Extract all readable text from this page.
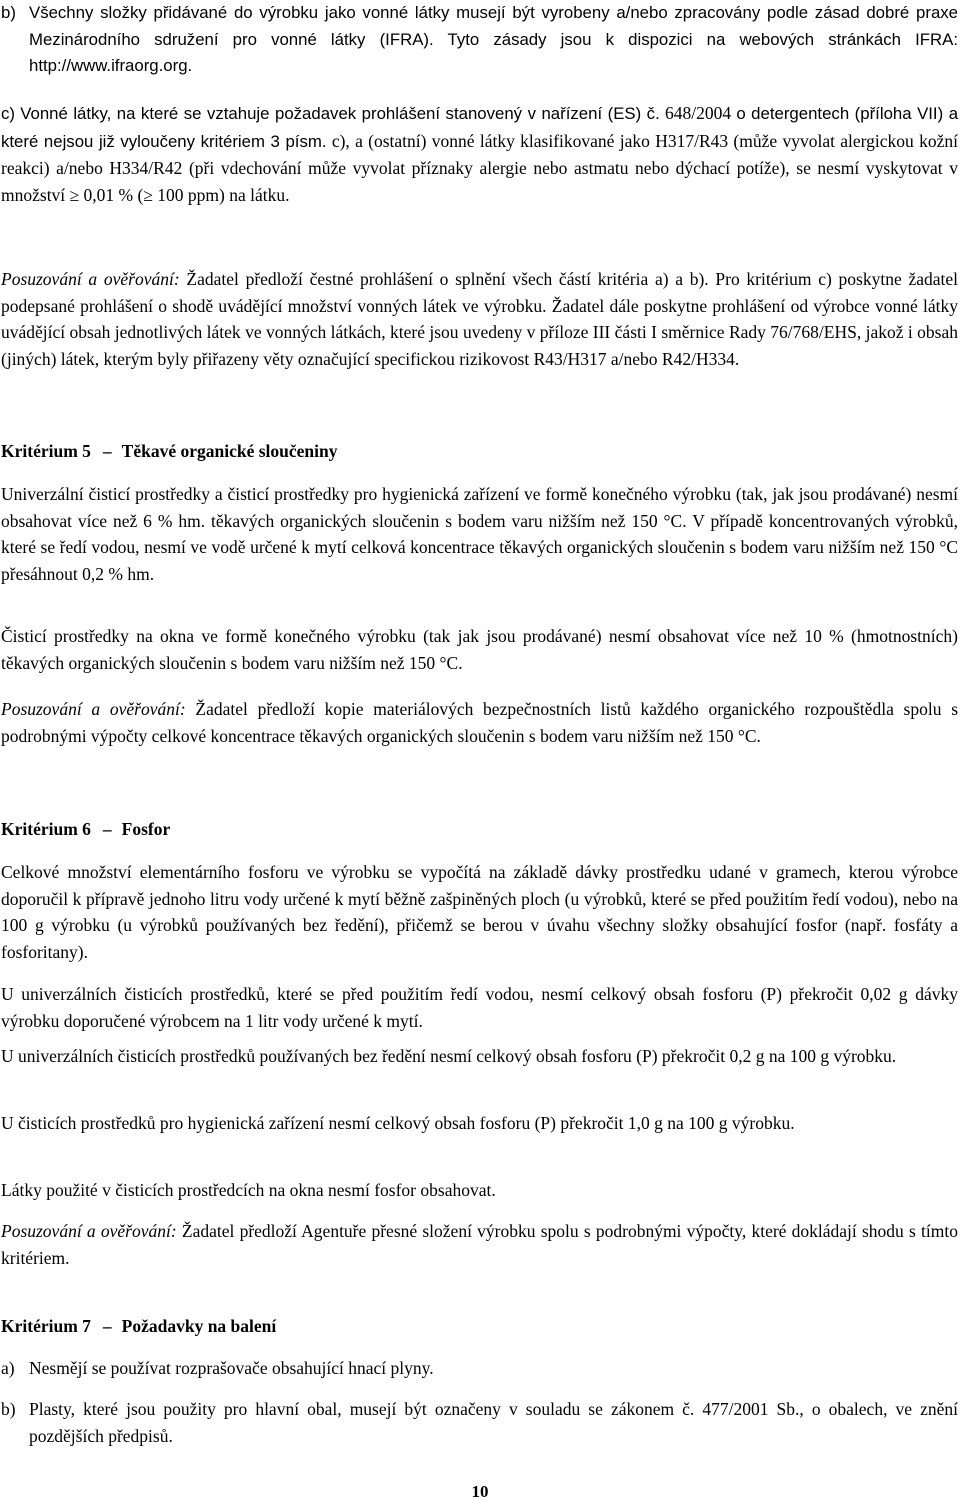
b) Všechny složky přidávané do výrobku jako vonné látky musejí být vyrobeny a/nebo zpracovány podle zásad dobré praxe Mezinárodního sdružení pro vonné látky (IFRA). Tyto zásady jsou k dispozici na webových stránkách IFRA: http://www.ifraorg.org.
c) Vonné látky, na které se vztahuje požadavek prohlášení stanovený v nařízení (ES) č. 648/2004 o detergentech (příloha VII) a které nejsou již vyloučeny kritériem 3 písm. c), a (ostatní) vonné látky klasifikované jako H317/R43 (může vyvolat alergickou kožní reakci) a/nebo H334/R42 (při vdechování může vyvolat příznaky alergie nebo astmatu nebo dýchací potíže), se nesmí vyskytovat v množství ≥ 0,01 % (≥ 100 ppm) na látku.

Posuzování a ověřování: Žadatel předloží čestné prohlášení o splnění všech částí kritéria a) a b). Pro kritérium c) poskytne žadatel podepsané prohlášení o shodě uvádějící množství vonných látek ve výrobku. Žadatel dále poskytne prohlášení od výrobce vonné látky uvádějící obsah jednotlivých látek ve vonných látkách, které jsou uvedeny v příloze III části I směrnice Rady 76/768/EHS, jakož i obsah (jiných) látek, kterým byly přiřazeny věty označující specifickou rizikovost R43/H317 a/nebo R42/H334.

Kritérium 5 – Těkavé organické sloučeniny

Univerzální čisticí prostředky a čisticí prostředky pro hygienická zařízení ve formě konečného výrobku (tak, jak jsou prodávané) nesmí obsahovat více než 6 % hm. těkavých organických sloučenin s bodem varu nižším než 150 °C. V případě koncentrovaných výrobků, které se ředí vodou, nesmí ve vodě určené k mytí celková koncentrace těkavých organických sloučenin s bodem varu nižším než 150 °C přesáhnout 0,2 % hm.

Čisticí prostředky na okna ve formě konečného výrobku (tak jak jsou prodávané) nesmí obsahovat více než 10 % (hmotnostních) těkavých organických sloučenin s bodem varu nižším než 150 °C.

Posuzování a ověřování: Žadatel předloží kopie materiálových bezpečnostních listů každého organického rozpouštědla spolu s podrobnými výpočty celkové koncentrace těkavých organických sloučenin s bodem varu nižším než 150 °C.

Kritérium 6 – Fosfor

Celkové množství elementárního fosforu ve výrobku se vypočítá na základě dávky prostředku udané v gramech, kterou výrobce doporučil k přípravě jednoho litru vody určené k mytí běžně zašpiněných ploch (u výrobků, které se před použitím ředí vodou), nebo na 100 g výrobku (u výrobků používaných bez ředění), přičemž se berou v úvahu všechny složky obsahující fosfor (např. fosfáty a fosforitany).

U univerzálních čisticích prostředků, které se před použitím ředí vodou, nesmí celkový obsah fosforu (P) překročit 0,02 g dávky výrobku doporučené výrobcem na 1 litr vody určené k mytí.

U univerzálních čisticích prostředků používaných bez ředění nesmí celkový obsah fosforu (P) překročit 0,2 g na 100 g výrobku.

U čisticích prostředků pro hygienická zařízení nesmí celkový obsah fosforu (P) překročit 1,0 g na 100 g výrobku.

Látky použité v čisticích prostředcích na okna nesmí fosfor obsahovat.

Posuzování a ověřování: Žadatel předloží Agentuře přesné složení výrobku spolu s podrobnými výpočty, které dokládají shodu s tímto kritériem.

Kritérium 7 – Požadavky na balení
a) Nesmějí se používat rozprašovače obsahující hnací plyny.
b) Plasty, které jsou použity pro hlavní obal, musejí být označeny v souladu se zákonem č. 477/2001 Sb., o obalech, ve znění pozdějších předpisů.
10
